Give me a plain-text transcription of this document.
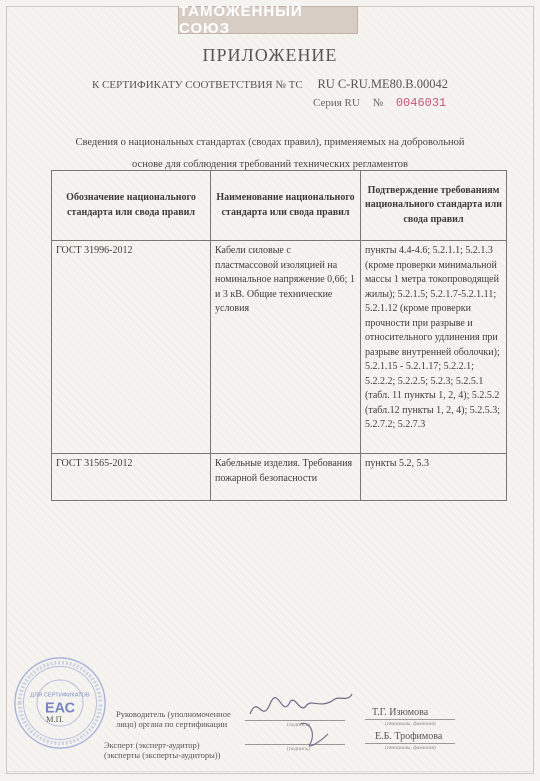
ТАМОЖЕННЫЙ СОЮЗ
ПРИЛОЖЕНИЕ
К СЕРТИФИКАТУ СООТВЕТСТВИЯ № ТС RU C-RU.МЕ80.В.00042
Серия RU № 0046031
Сведения о национальных стандартах (сводах правил), применяемых на добровольной
основе для соблюдения требований технических регламентов
Обозначение национального стандарта или свода правил	Наименование национального стандарта или свода правил	Подтверждение требованиям национального стандарта или свода правил
ГОСТ 31996-2012	Кабели силовые с пластмассовой изоляцией на номинальное напряжение 0,66; 1 и 3 кВ. Общие технические условия	пункты 4.4-4.6; 5.2.1.1; 5.2.1.3 (кроме проверки минимальной массы 1 метра токопроводящей жилы); 5.2.1.5; 5.2.1.7-5.2.1.11; 5.2.1.12 (кроме проверки прочности при разрыве и относительного удлинения при разрыве внутренней оболочки); 5.2.1.15 - 5.2.1.17; 5.2.2.1; 5.2.2.2; 5.2.2.5; 5.2.3; 5.2.5.1 (табл. 11 пункты 1, 2, 4); 5.2.5.2 (табл.12 пункты 1, 2, 4); 5.2.5.3; 5.2.7.2; 5.2.7.3
ГОСТ 31565-2012	Кабельные изделия. Требования пожарной безопасности	пункты 5.2, 5.3
ДЛЯ СЕРТИФИКАТОВ
ЕАС
М.П.	Руководитель (уполномоченное
лицо) органа по сертификации
Эксперт (эксперт-аудитор)
(эксперты (эксперты-аудиторы))
(подпись)
(подпись)
Т.Г. Изюмова
(инициалы, фамилия)
Е.Б. Трофимова
(инициалы, фамилия)
